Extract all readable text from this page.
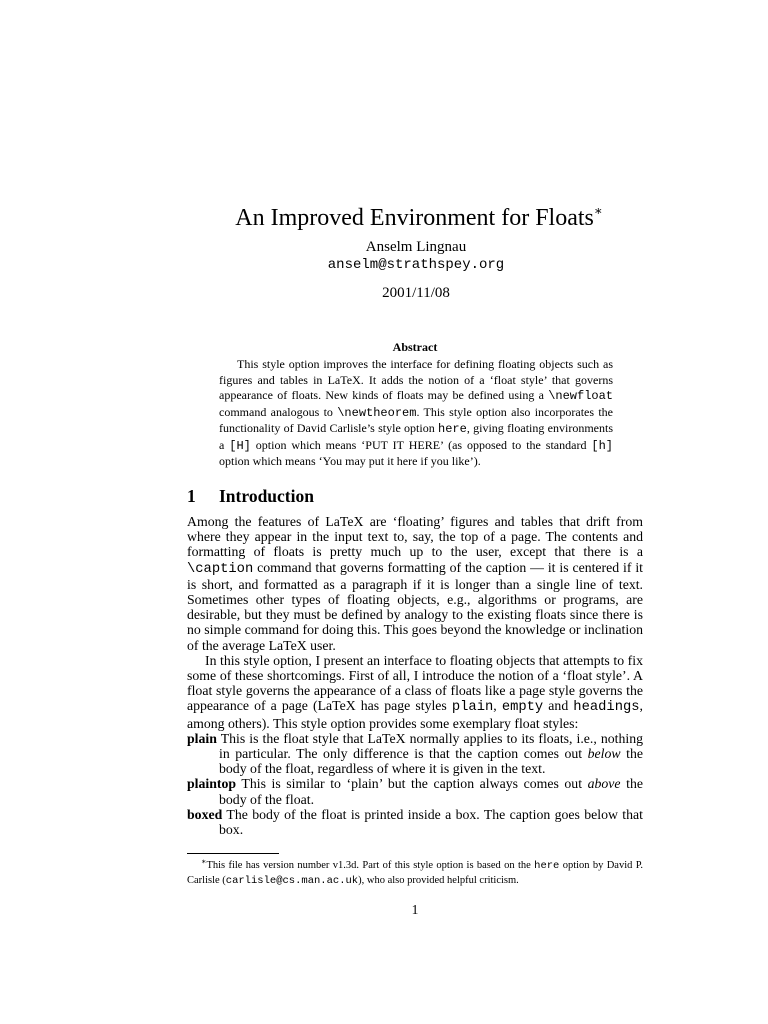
An Improved Environment for Floats∗
Anselm Lingnau
anselm@strathspey.org
2001/11/08
Abstract
This style option improves the interface for defining floating objects such as figures and tables in LaTeX. It adds the notion of a ‘float style’ that governs appearance of floats. New kinds of floats may be defined using a \newfloat command analogous to \newtheorem. This style option also incorporates the functionality of David Carlisle’s style option here, giving floating environments a [H] option which means ‘PUT IT HERE’ (as opposed to the standard [h] option which means ‘You may put it here if you like’).
1 Introduction

Among the features of LaTeX are ‘floating’ figures and tables that drift from where they appear in the input text to, say, the top of a page. The contents and formatting of floats is pretty much up to the user, except that there is a \caption command that governs formatting of the caption — it is centered if it is short, and formatted as a paragraph if it is longer than a single line of text. Sometimes other types of floating objects, e.g., algorithms or programs, are desirable, but they must be defined by analogy to the existing floats since there is no simple command for doing this. This goes beyond the knowledge or inclination of the average LaTeX user.

In this style option, I present an interface to floating objects that attempts to fix some of these shortcomings. First of all, I introduce the notion of a ‘float style’. A float style governs the appearance of a class of floats like a page style governs the appearance of a page (LaTeX has page styles plain, empty and headings, among others). This style option provides some exemplary float styles:

plain This is the float style that LaTeX normally applies to its floats, i.e., nothing in particular. The only difference is that the caption comes out below the body of the float, regardless of where it is given in the text.

plaintop This is similar to ‘plain’ but the caption always comes out above the body of the float.

boxed The body of the float is printed inside a box. The caption goes below that box.

∗This file has version number v1.3d. Part of this style option is based on the here option by David P. Carlisle (carlisle@cs.man.ac.uk), who also provided helpful criticism.
1
